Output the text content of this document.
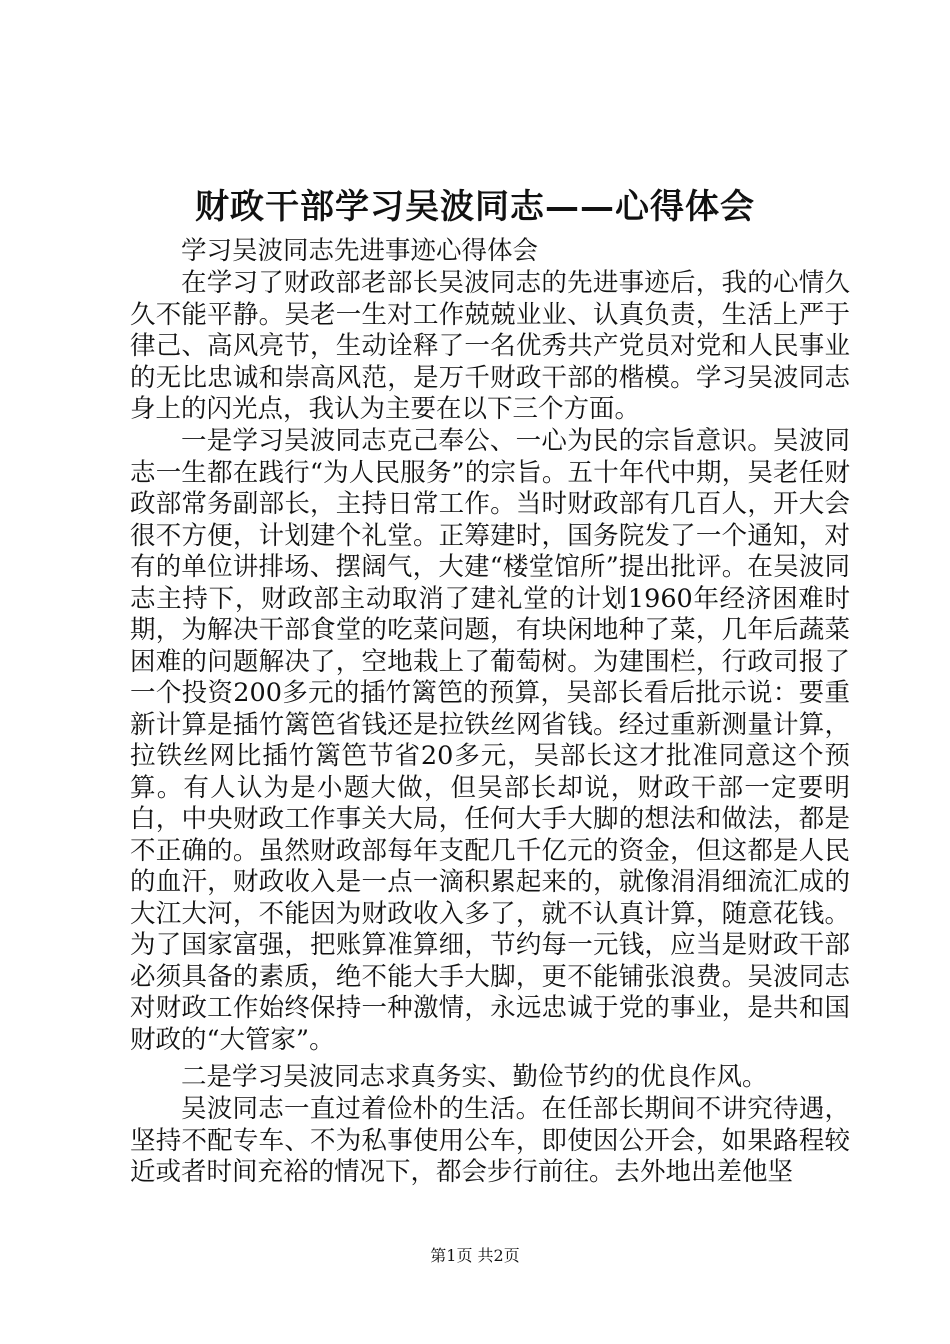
财政干部学习吴波同志——心得体会

学习吴波同志先进事迹心得体会

在学习了财政部老部长吴波同志的先进事迹后，我的心情久久不能平静。吴老一生对工作兢兢业业、认真负责，生活上严于律己、高风亮节，生动诠释了一名优秀共产党员对党和人民事业的无比忠诚和崇高风范，是万千财政干部的楷模。学习吴波同志身上的闪光点，我认为主要在以下三个方面。

一是学习吴波同志克己奉公、一心为民的宗旨意识。吴波同志一生都在践行“为人民服务”的宗旨。五十年代中期，吴老任财政部常务副部长，主持日常工作。当时财政部有几百人，开大会很不方便，计划建个礼堂。正筹建时，国务院发了一个通知，对有的单位讲排场、摆阔气，大建“楼堂馆所”提出批评。在吴波同志主持下，财政部主动取消了建礼堂的计划1960年经济困难时期，为解决干部食堂的吃菜问题，有块闲地种了菜，几年后蔬菜困难的问题解决了，空地栽上了葡萄树。为建围栏，行政司报了一个投资200多元的插竹篱笆的预算，吴部长看后批示说：要重新计算是插竹篱笆省钱还是拉铁丝网省钱。经过重新测量计算，拉铁丝网比插竹篱笆节省20多元，吴部长这才批准同意这个预算。有人认为是小题大做，但吴部长却说，财政干部一定要明白，中央财政工作事关大局，任何大手大脚的想法和做法，都是不正确的。虽然财政部每年支配几千亿元的资金，但这都是人民的血汗，财政收入是一点一滴积累起来的，就像涓涓细流汇成的大江大河，不能因为财政收入多了，就不认真计算，随意花钱。为了国家富强，把账算准算细，节约每一元钱，应当是财政干部必须具备的素质，绝不能大手大脚，更不能铺张浪费。吴波同志对财政工作始终保持一种激情，永远忠诚于党的事业，是共和国财政的“大管家”。

二是学习吴波同志求真务实、勤俭节约的优良作风。

吴波同志一直过着俭朴的生活。在任部长期间不讲究待遇，坚持不配专车、不为私事使用公车，即使因公开会，如果路程较近或者时间充裕的情况下，都会步行前往。去外地出差他坚

第1页 共2页
